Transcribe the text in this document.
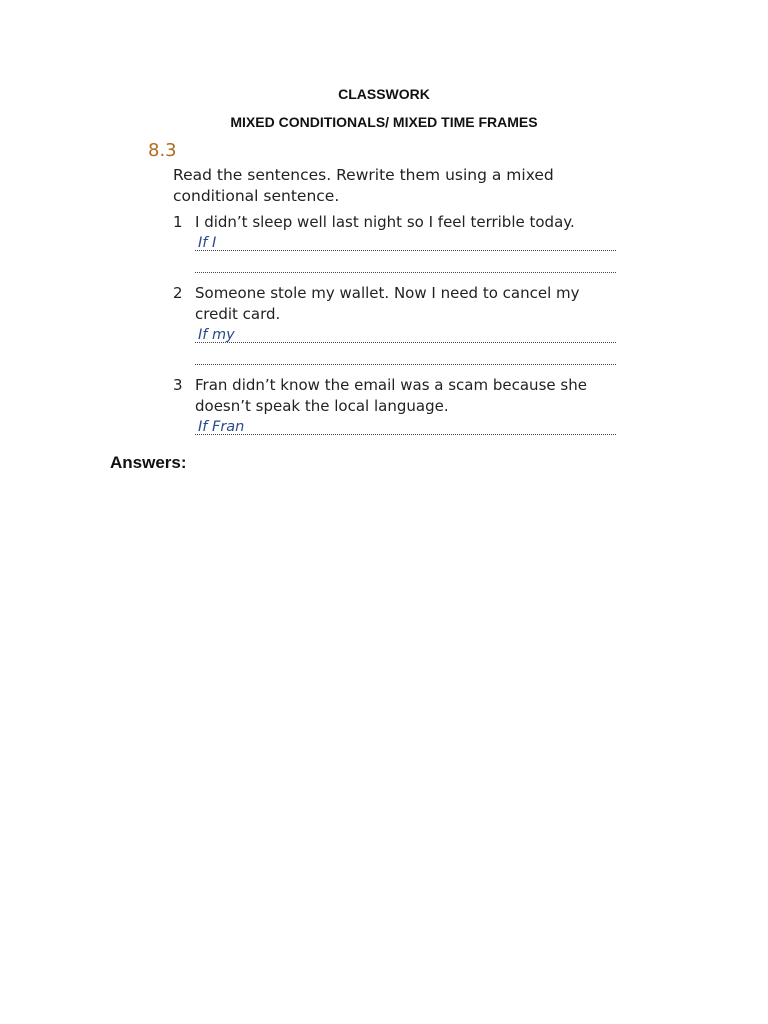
CLASSWORK
MIXED CONDITIONALS/ MIXED TIME FRAMES
8.3
Read the sentences. Rewrite them using a mixed conditional sentence.
1 I didn’t sleep well last night so I feel terrible today.
If I
2 Someone stole my wallet. Now I need to cancel my credit card.
If my
3 Fran didn’t know the email was a scam because she doesn’t speak the local language.
If Fran
Answers:
